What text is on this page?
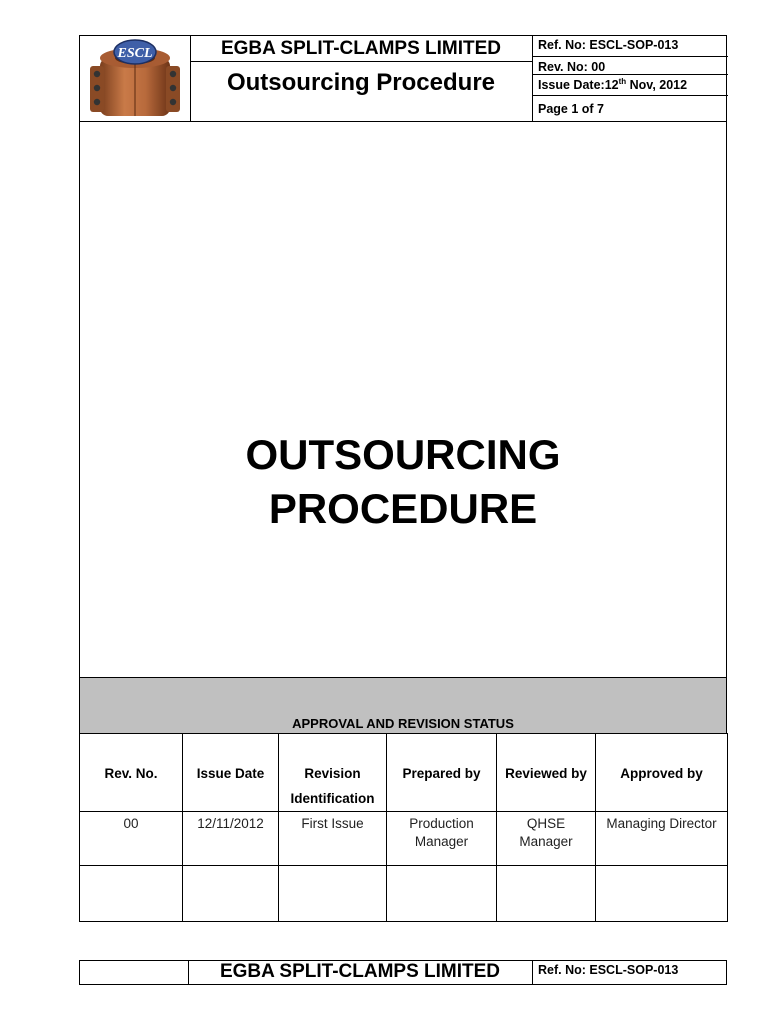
ESCL	EGBA SPLIT-CLAMPS LIMITED
Outsourcing Procedure
Ref. No: ESCL-SOP-013
Rev. No: 00
Issue Date:12th Nov, 2012
Page 1 of 7
OUTSOURCING
PROCEDURE
APPROVAL AND REVISION STATUS
Rev. No.	Issue Date	Revision Identification	Prepared by	Reviewed by	Approved by
00	12/11/2012	First Issue	Production Manager	QHSE Manager	Managing Director

EGBA SPLIT-CLAMPS LIMITED	Ref. No: ESCL-SOP-013
